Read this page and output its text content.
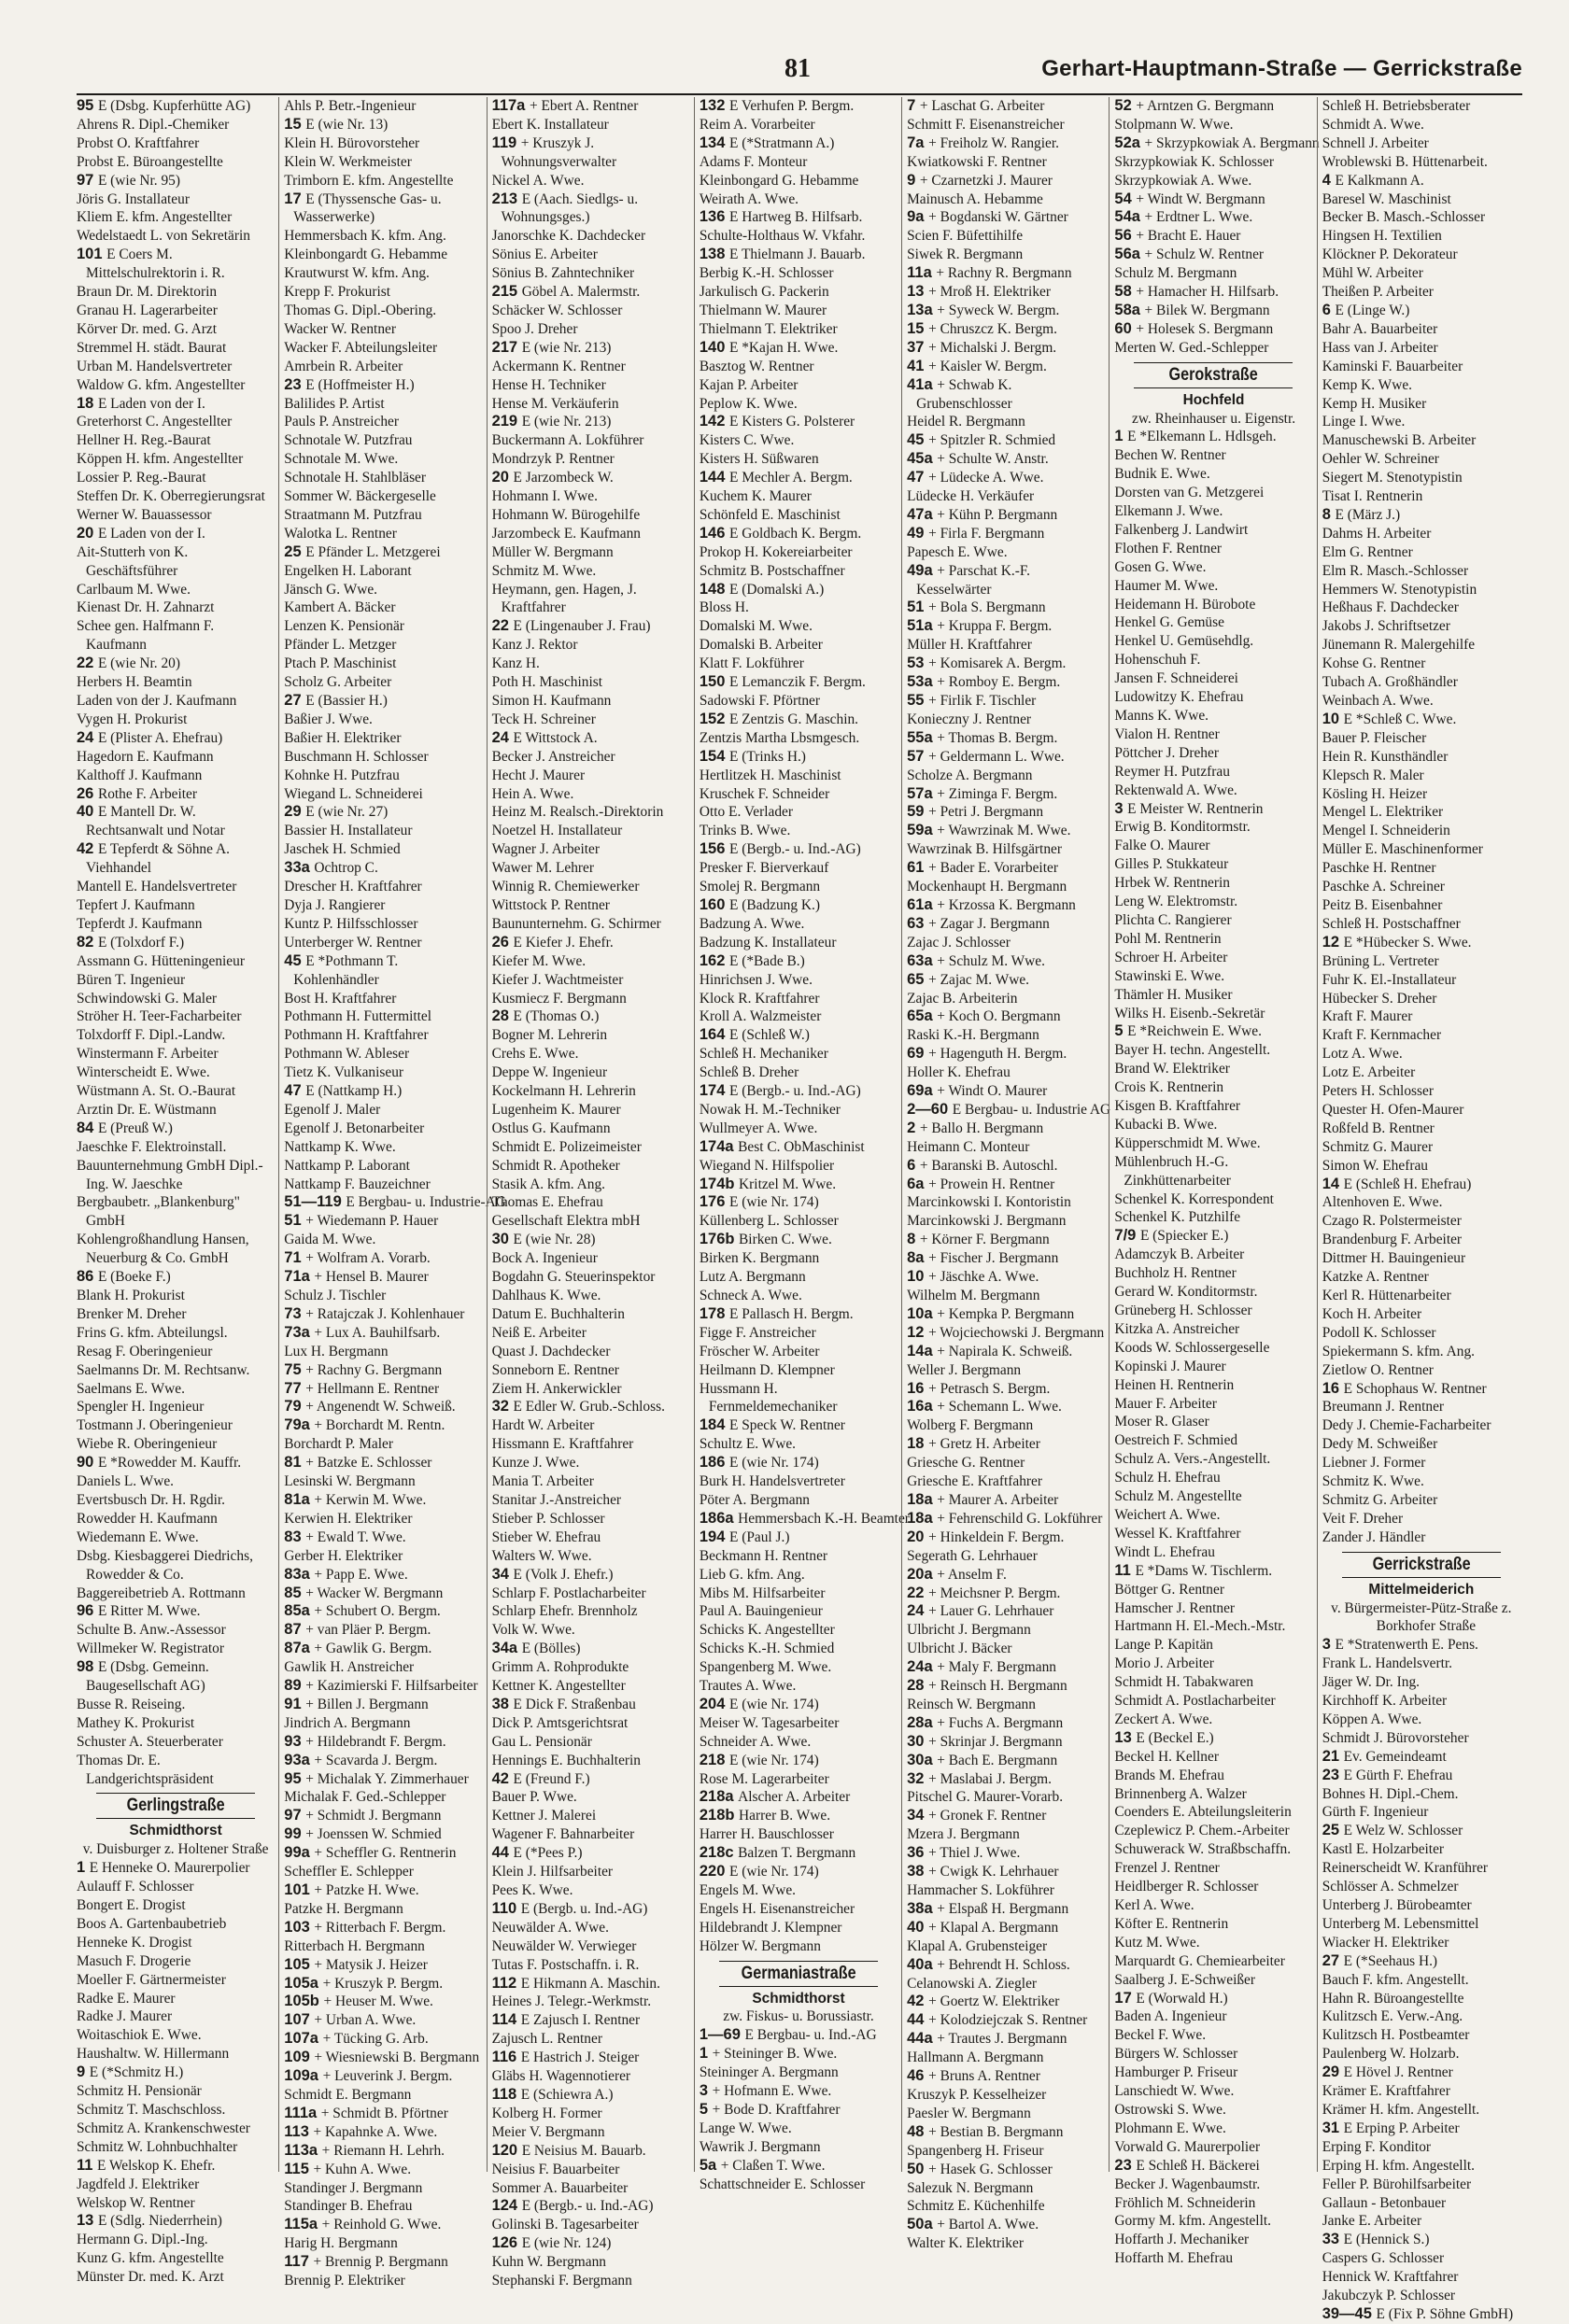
81	Gerhart-Hauptmann-Straße — Gerrickstraße
95 E (Dsbg. Kupferhütte AG)
Ahrens R. Dipl.-Chemiker
Probst O. Kraftfahrer
Probst E. Büroangestellte
97 E (wie Nr. 95)
Jöris G. Installateur
Kliem E. kfm. Angestellter
Wedelstaedt L. von Sekretärin
101 E Coers M. Mittelschulrektorin i. R.
Braun Dr. M. Direktorin
Granau H. Lagerarbeiter
Körver Dr. med. G. Arzt
Stremmel H. städt. Baurat
Urban M. Handelsvertreter
Waldow G. kfm. Angestellter
18 E Laden von der I.
Greterhorst C. Angestellter
Hellner H. Reg.-Baurat
Köppen H. kfm. Angestellter
Lossier P. Reg.-Baurat
Steffen Dr. K. Oberregierungsrat
Werner W. Bauassessor
20 E Laden von der I.
Ait-Stutterh von K. Geschäftsführer
Carlbaum M. Wwe.
Kienast Dr. H. Zahnarzt
Schee gen. Halfmann F. Kaufmann
22 E (wie Nr. 20)
Herbers H. Beamtin
Laden von der J. Kaufmann
Vygen H. Prokurist
24 E (Plister A. Ehefrau)
Hagedorn E. Kaufmann
Kalthoff J. Kaufmann
26 Rothe F. Arbeiter
40 E Mantell Dr. W. Rechtsanwalt und Notar
42 E Tepferdt & Söhne A. Viehhandel
Mantell E. Handelsvertreter
Tepfert J. Kaufmann
Tepferdt J. Kaufmann
82 E (Tolxdorf F.)
Assmann G. Hütteningenieur
Büren T. Ingenieur
Schwindowski G. Maler
Ströher H. Teer-Facharbeiter
Tolxdorff F. Dipl.-Landw.
Winstermann F. Arbeiter
Winterscheidt E. Wwe.
Wüstmann A. St. O.-Baurat
Arztin Dr. E. Wüstmann
84 E (Preuß W.)
Jaeschke F. Elektroinstall.
Bauunternehmung GmbH Dipl.-Ing. W. Jaeschke
Bergbaubetr. „Blankenburg" GmbH
Kohlengroßhandlung Hansen, Neuerburg & Co. GmbH
86 E (Boeke F.)
Blank H. Prokurist
Brenker M. Dreher
Frins G. kfm. Abteilungsl.
Resag F. Oberingenieur
Saelmanns Dr. M. Rechtsanw.
Saelmans E. Wwe.
Spengler H. Ingenieur
Tostmann J. Oberingenieur
Wiebe R. Oberingenieur
90 E *Rowedder M. Kauffr.
Daniels L. Wwe.
Evertsbusch Dr. H. Rgdir.
Rowedder H. Kaufmann
Wiedemann E. Wwe.
Dsbg. Kiesbaggerei Diedrichs, Rowedder & Co.
Baggereibetrieb A. Rottmann
96 E Ritter M. Wwe.
Schulte B. Anw.-Assessor
Willmeker W. Registrator
98 E (Dsbg. Gemeinn. Baugesellschaft AG)
Busse R. Reiseing.
Mathey K. Prokurist
Schuster A. Steuerberater
Thomas Dr. E. Landgerichtspräsident
Gerlingstraße
Schmidthorst
v. Duisburger z. Holtener Straße
1 E Henneke O. Maurerpolier
Aulauff F. Schlosser
Bongert E. Drogist
Boos A. Gartenbaubetrieb
Henneke K. Drogist
Masuch F. Drogerie
Moeller F. Gärtnermeister
Radke E. Maurer
Radke J. Maurer
Woitaschiok E. Wwe.
Haushaltw. W. Hillermann
9 E (*Schmitz H.)
Schmitz H. Pensionär
Schmitz T. Maschschloss.
Schmitz A. Krankenschwester
Schmitz W. Lohnbuchhalter
11 E Welskop K. Ehefr.
Jagdfeld J. Elektriker
Welskop W. Rentner
13 E (Sdlg. Niederrhein)
Hermann G. Dipl.-Ing.
Kunz G. kfm. Angestellte
Münster Dr. med. K. Arzt
Ahls P. Betr.-Ingenieur
15 E (wie Nr. 13)
Klein H. Bürovorsteher
Klein W. Werkmeister
Trimborn E. kfm. Angestellte
17 E (Thyssensche Gas- u. Wasserwerke)
Hemmersbach K. kfm. Ang.
Kleinbongardt G. Hebamme
Krautwurst W. kfm. Ang.
Krepp F. Prokurist
Thomas G. Dipl.-Obering.
Wacker W. Rentner
Wacker F. Abteilungsleiter
Amrbein R. Arbeiter
23 E (Hoffmeister H.)
Balilides P. Artist
Pauls P. Anstreicher
Schnotale W. Putzfrau
Schnotale M. Wwe.
Schnotale H. Stahlbläser
Sommer W. Bäckergeselle
Straatmann M. Putzfrau
Walotka L. Rentner
25 E Pfänder L. Metzgerei
Engelken H. Laborant
Jänsch G. Wwe.
Kambert A. Bäcker
Lenzen K. Pensionär
Pfänder L. Metzger
Ptach P. Maschinist
Scholz G. Arbeiter
27 E (Bassier H.)
Baßier J. Wwe.
Baßier H. Elektriker
Buschmann H. Schlosser
Kohnke H. Putzfrau
Wiegand L. Schneiderei
29 E (wie Nr. 27)
Bassier H. Installateur
Jaschek H. Schmied
33a Ochtrop C.
Drescher H. Kraftfahrer
Dyja J. Rangierer
Kuntz P. Hilfsschlosser
Unterberger W. Rentner
45 E *Pothmann T. Kohlenhändler
Bost H. Kraftfahrer
Pothmann H. Futtermittel
Pothmann H. Kraftfahrer
Pothmann W. Ableser
Tietz K. Vulkaniseur
47 E (Nattkamp H.)
Egenolf J. Maler
Egenolf J. Betonarbeiter
Nattkamp K. Wwe.
Nattkamp P. Laborant
Nattkamp F. Bauzeichner
51—119 E Bergbau- u. Industrie-AG
51 + Wiedemann P. Hauer
Gaida M. Wwe.
71 + Wolfram A. Vorarb.
71a + Hensel B. Maurer
Schulz J. Tischler
73 + Ratajczak J. Kohlenhauer
73a + Lux A. Bauhilfsarb.
Lux H. Bergmann
75 + Rachny G. Bergmann
77 + Hellmann E. Rentner
79 + Angenendt W. Schweiß.
79a + Borchardt M. Rentn.
Borchardt P. Maler
81 + Batzke E. Schlosser
Lesinski W. Bergmann
81a + Kerwin M. Wwe.
Kerwien H. Elektriker
83 + Ewald T. Wwe.
Gerber H. Elektriker
83a + Papp E. Wwe.
85 + Wacker W. Bergmann
85a + Schubert O. Bergm.
87 + van Pläer P. Bergm.
87a + Gawlik G. Bergm.
Gawlik H. Anstreicher
89 + Kazimierski F. Hilfsarbeiter
91 + Billen J. Bergmann
Jindrich A. Bergmann
93 + Hildebrandt F. Bergm.
93a + Scavarda J. Bergm.
95 + Michalak Y. Zimmerhauer
Michalak F. Ged.-Schlepper
97 + Schmidt J. Bergmann
99 + Joenssen W. Schmied
99a + Scheffler G. Rentnerin
Scheffler E. Schlepper
101 + Patzke H. Wwe.
Patzke H. Bergmann
103 + Ritterbach F. Bergm.
Ritterbach H. Bergmann
105 + Matysik J. Heizer
105a + Kruszyk P. Bergm.
105b + Heuser M. Wwe.
107 + Urban A. Wwe.
107a + Tücking G. Arb.
109 + Wiesniewski B. Bergmann
109a + Leuverink J. Bergm.
Schmidt E. Bergmann
111a + Schmidt B. Pförtner
113 + Kapahnke A. Wwe.
113a + Riemann H. Lehrh.
115 + Kuhn A. Wwe.
Standinger J. Bergmann
Standinger B. Ehefrau
115a + Reinhold G. Wwe.
Harig H. Bergmann
117 + Brennig P. Bergmann
Brennig P. Elektriker
117a + Ebert A. Rentner
Ebert K. Installateur
119 + Kruszyk J. Wohnungsverwalter
Nickel A. Wwe.
213 E (Aach. Siedlgs- u. Wohnungsges.)
Janorschke K. Dachdecker
Sönius E. Arbeiter
Sönius B. Zahntechniker
215 Göbel A. Malermstr.
Schäcker W. Schlosser
Spoo J. Dreher
217 E (wie Nr. 213)
Ackermann K. Rentner
Hense H. Techniker
Hense M. Verkäuferin
219 E (wie Nr. 213)
Buckermann A. Lokführer
Mondrzyk P. Rentner
20 E Jarzombeck W.
Hohmann I. Wwe.
Hohmann W. Bürogehilfe
Jarzombeck E. Kaufmann
Müller W. Bergmann
Schmitz M. Wwe.
Heymann, gen. Hagen, J. Kraftfahrer
22 E (Lingenauber J. Frau)
Kanz J. Rektor
Kanz H.
Poth H. Maschinist
Simon H. Kaufmann
Teck H. Schreiner
24 E Wittstock A.
Becker J. Anstreicher
Hecht J. Maurer
Hein A. Wwe.
Heinz M. Realsch.-Direktorin
Noetzel H. Installateur
Wagner J. Arbeiter
Wawer M. Lehrer
Winnig R. Chemiewerker
Wittstock P. Rentner
Baununternehm. G. Schirmer
26 E Kiefer J. Ehefr.
Kiefer M. Wwe.
Kiefer J. Wachtmeister
Kusmiecz F. Bergmann
28 E (Thomas O.)
Bogner M. Lehrerin
Crehs E. Wwe.
Deppe W. Ingenieur
Kockelmann H. Lehrerin
Lugenheim K. Maurer
Ostlus G. Kaufmann
Schmidt E. Polizeimeister
Schmidt R. Apotheker
Stasik A. kfm. Ang.
Thomas E. Ehefrau
Gesellschaft Elektra mbH
30 E (wie Nr. 28)
Bock A. Ingenieur
Bogdahn G. Steuerinspektor
Dahlhaus K. Wwe.
Datum E. Buchhalterin
Neiß E. Arbeiter
Quast J. Dachdecker
Sonneborn E. Rentner
Ziem H. Ankerwickler
32 E Edler W. Grub.-Schloss.
Hardt W. Arbeiter
Hissmann E. Kraftfahrer
Kunze J. Wwe.
Mania T. Arbeiter
Stanitar J.-Anstreicher
Stieber P. Schlosser
Stieber W. Ehefrau
Walters W. Wwe.
34 E (Volk J. Ehefr.)
Schlarp F. Postlacharbeiter
Schlarp Ehefr. Brennholz
Volk W. Wwe.
34a E (Bölles)
Grimm A. Rohprodukte
Kettner K. Angestellter
38 E Dick F. Straßenbau
Dick P. Amtsgerichtsrat
Gau L. Pensionär
Hennings E. Buchhalterin
42 E (Freund F.)
Bauer P. Wwe.
Kettner J. Malerei
Wagener F. Bahnarbeiter
44 E (*Pees P.)
Klein J. Hilfsarbeiter
Pees K. Wwe.
110 E (Bergb. u. Ind.-AG)
Neuwälder A. Wwe.
Neuwälder W. Verwieger
Tutas F. Postschaffn. i. R.
112 E Hikmann A. Maschin.
Heines J. Telegr.-Werkmstr.
114 E Zajusch I. Rentner
Zajusch L. Rentner
116 E Hastrich J. Steiger
Gläbs H. Wagennotierer
118 E (Schiewra A.)
Kolberg H. Former
Meier V. Bergmann
120 E Neisius M. Bauarb.
Neisius F. Bauarbeiter
Sommer A. Bauarbeiter
124 E (Bergb.- u. Ind.-AG)
Golinski B. Tagesarbeiter
126 E (wie Nr. 124)
Kuhn W. Bergmann
Stephanski F. Bergmann
132 E Verhufen P. Bergm.
Reim A. Vorarbeiter
134 E (*Stratmann A.)
Adams F. Monteur
Kleinbongard G. Hebamme
Weirath A. Wwe.
136 E Hartweg B. Hilfsarb.
Schulte-Holthaus W. Vkfahr.
138 E Thielmann J. Bauarb.
Berbig K.-H. Schlosser
Jarkulisch G. Packerin
Thielmann W. Maurer
Thielmann T. Elektriker
140 E *Kajan H. Wwe.
Basztog W. Rentner
Kajan P. Arbeiter
Peplow K. Wwe.
142 E Kisters G. Polsterer
Kisters C. Wwe.
Kisters H. Süßwaren
144 E Mechler A. Bergm.
Kuchem K. Maurer
Schönfeld E. Maschinist
146 E Goldbach K. Bergm.
Prokop H. Kokereiarbeiter
Schmitz B. Postschaffner
148 E (Domalski A.)
Bloss H.
Domalski M. Wwe.
Domalski B. Arbeiter
Klatt F. Lokführer
150 E Lemanczik F. Bergm.
Sadowski F. Pförtner
152 E Zentzis G. Maschin.
Zentzis Martha Lbsmgesch.
154 E (Trinks H.)
Hertlitzek H. Maschinist
Kruschek F. Schneider
Otto E. Verlader
Trinks B. Wwe.
156 E (Bergb.- u. Ind.-AG)
Presker F. Bierverkauf
Smolej R. Bergmann
160 E (Badzung K.)
Badzung A. Wwe.
Badzung K. Installateur
162 E (*Bade B.)
Hinrichsen J. Wwe.
Klock R. Kraftfahrer
Kroll A. Walzmeister
164 E (Schleß W.)
Schleß H. Mechaniker
Schleß B. Dreher
174 E (Bergb.- u. Ind.-AG)
Nowak H. M.-Techniker
Wullmeyer A. Wwe.
174a Best C. ObMaschinist
Wiegand N. Hilfspolier
174b Kritzel M. Wwe.
176 E (wie Nr. 174)
Küllenberg L. Schlosser
176b Birken C. Wwe.
Birken K. Bergmann
Lutz A. Bergmann
Schneck A. Wwe.
178 E Pallasch H. Bergm.
Figge F. Anstreicher
Fröscher W. Arbeiter
Heilmann D. Klempner
Hussmann H. Fernmeldemechaniker
184 E Speck W. Rentner
Schultz E. Wwe.
186 E (wie Nr. 174)
Burk H. Handelsvertreter
Pöter A. Bergmann
186a Hemmersbach K.-H. Beamter
194 E (Paul J.)
Beckmann H. Rentner
Lieb G. kfm. Ang.
Mibs M. Hilfsarbeiter
Paul A. Bauingenieur
Schicks K. Angestellter
Schicks K.-H. Schmied
Spangenberg M. Wwe.
Trautes A. Wwe.
204 E (wie Nr. 174)
Meiser W. Tagesarbeiter
Schneider A. Wwe.
218 E (wie Nr. 174)
Rose M. Lagerarbeiter
218a Alscher A. Arbeiter
218b Harrer B. Wwe.
Harrer H. Bauschlosser
218c Balzen T. Bergmann
220 E (wie Nr. 174)
Engels M. Wwe.
Engels H. Eisenanstreicher
Hildebrandt J. Klempner
Hölzer W. Bergmann
Germaniastraße
Schmidthorst
zw. Fiskus- u. Borussiastr.
1—69 E Bergbau- u. Ind.-AG
1 + Steininger B. Wwe.
Steininger A. Bergmann
3 + Hofmann E. Wwe.
5 + Bode D. Kraftfahrer
Lange W. Wwe.
Wawrik J. Bergmann
5a + Claßen T. Wwe.
Schattschneider E. Schlosser
7 + Laschat G. Arbeiter
Schmitt F. Eisenanstreicher
7a + Freiholz W. Rangier.
Kwiatkowski F. Rentner
9 + Czarnetzki J. Maurer
Mainusch A. Hebamme
9a + Bogdanski W. Gärtner
Scien F. Büfettihilfe
Siwek R. Bergmann
11a + Rachny R. Bergmann
13 + Mroß H. Elektriker
13a + Syweck W. Bergm.
15 + Chruszcz K. Bergm.
37 + Michalski J. Bergm.
41 + Kaisler W. Bergm.
41a + Schwab K. Grubenschlosser
Heidel R. Bergmann
45 + Spitzler R. Schmied
45a + Schulte W. Anstr.
47 + Lüdecke A. Wwe.
Lüdecke H. Verkäufer
47a + Kühn P. Bergmann
49 + Firla F. Bergmann
Papesch E. Wwe.
49a + Parschat K.-F. Kesselwärter
51 + Bola S. Bergmann
51a + Kruppa F. Bergm.
Müller H. Kraftfahrer
53 + Komisarek A. Bergm.
53a + Romboy E. Bergm.
55 + Firlik F. Tischler
Konieczny J. Rentner
55a + Thomas B. Bergm.
57 + Geldermann L. Wwe.
Scholze A. Bergmann
57a + Ziminga F. Bergm.
59 + Petri J. Bergmann
59a + Wawrzinak M. Wwe.
Wawrzinak B. Hilfsgärtner
61 + Bader E. Vorarbeiter
Mockenhaupt H. Bergmann
61a + Krzossa K. Bergmann
63 + Zagar J. Bergmann
Zajac J. Schlosser
63a + Schulz M. Wwe.
65 + Zajac M. Wwe.
Zajac B. Arbeiterin
65a + Koch O. Bergmann
Raski K.-H. Bergmann
69 + Hagenguth H. Bergm.
Holler K. Ehefrau
69a + Windt O. Maurer
2—60 E Bergbau- u. Industrie AG
2 + Ballo H. Bergmann
Heimann C. Monteur
6 + Baranski B. Autoschl.
6a + Prowein H. Rentner
Marcinkowski I. Kontoristin
Marcinkowski J. Bergmann
8 + Körner F. Bergmann
8a + Fischer J. Bergmann
10 + Jäschke A. Wwe.
Wilhelm M. Bergmann
10a + Kempka P. Bergmann
12 + Wojciechowski J. Bergmann
14a + Napirala K. Schweiß.
Weller J. Bergmann
16 + Petrasch S. Bergm.
16a + Schemann L. Wwe.
Wolberg F. Bergmann
18 + Gretz H. Arbeiter
Griesche G. Rentner
Griesche E. Kraftfahrer
18a + Maurer A. Arbeiter
18a + Fehrenschild G. Lokführer
20 + Hinkeldein F. Bergm.
Segerath G. Lehrhauer
20a + Anselm F.
22 + Meichsner P. Bergm.
24 + Lauer G. Lehrhauer
Ulbricht J. Bergmann
Ulbricht J. Bäcker
24a + Maly F. Bergmann
28 + Reinsch H. Bergmann
Reinsch W. Bergmann
28a + Fuchs A. Bergmann
30 + Skrinjar J. Bergmann
30a + Bach E. Bergmann
32 + Maslabai J. Bergm.
Pitschel G. Maurer-Vorarb.
34 + Gronek F. Rentner
Mzera J. Bergmann
36 + Thiel J. Wwe.
38 + Cwigk K. Lehrhauer
Hammacher S. Lokführer
38a + Elspaß H. Bergmann
40 + Klapal A. Bergmann
Klapal A. Grubensteiger
40a + Behrendt H. Schloss.
Celanowski A. Ziegler
42 + Goertz W. Elektriker
44 + Kolodziejczak S. Rentner
44a + Trautes J. Bergmann
Hallmann A. Bergmann
46 + Bruns A. Rentner
Kruszyk P. Kesselheizer
Paesler W. Bergmann
48 + Bestian B. Bergmann
Spangenberg H. Friseur
50 + Hasek G. Schlosser
Salezuk N. Bergmann
Schmitz E. Küchenhilfe
50a + Bartol A. Wwe.
Walter K. Elektriker
52 + Arntzen G. Bergmann
Stolpmann W. Wwe.
52a + Skrzypkowiak A. Bergmann
Skrzypkowiak K. Schlosser
Skrzypkowiak A. Wwe.
54 + Windt W. Bergmann
54a + Erdtner L. Wwe.
56 + Bracht E. Hauer
56a + Schulz W. Rentner
Schulz M. Bergmann
58 + Hamacher H. Hilfsarb.
58a + Bilek W. Bergmann
60 + Holesek S. Bergmann
Merten W. Ged.-Schlepper
Gerokstraße
Hochfeld
zw. Rheinhauser u. Eigenstr.
1 E *Elkemann L. Hdlsgeh.
Bechen W. Rentner
Budnik E. Wwe.
Dorsten van G. Metzgerei
Elkemann J. Wwe.
Falkenberg J. Landwirt
Flothen F. Rentner
Gosen G. Wwe.
Haumer M. Wwe.
Heidemann H. Bürobote
Henkel G. Gemüse
Henkel U. Gemüsehdlg.
Hohenschuh F.
Jansen F. Schneiderei
Ludowitzy K. Ehefrau
Manns K. Wwe.
Vialon H. Rentner
Pöttcher J. Dreher
Reymer H. Putzfrau
Rektenwald A. Wwe.
3 E Meister W. Rentnerin
Erwig B. Konditormstr.
Falke O. Maurer
Gilles P. Stukkateur
Hrbek W. Rentnerin
Leng W. Elektromstr.
Plichta C. Rangierer
Pohl M. Rentnerin
Schroer H. Arbeiter
Stawinski E. Wwe.
Thämler H. Musiker
Wilks H. Eisenb.-Sekretär
5 E *Reichwein E. Wwe.
Bayer H. techn. Angestellt.
Brand W. Elektriker
Crois K. Rentnerin
Kisgen B. Kraftfahrer
Kubacki B. Wwe.
Küpperschmidt M. Wwe.
Mühlenbruch H.-G. Zinkhüttenarbeiter
Schenkel K. Korrespondent
Schenkel K. Putzhilfe
7/9 E (Spiecker E.)
Adamczyk B. Arbeiter
Buchholz H. Rentner
Gerard W. Konditormstr.
Grüneberg H. Schlosser
Kitzka A. Anstreicher
Koods W. Schlossergeselle
Kopinski J. Maurer
Heinen H. Rentnerin
Mauer F. Arbeiter
Moser R. Glaser
Oestreich F. Schmied
Schulz A. Vers.-Angestellt.
Schulz H. Ehefrau
Schulz M. Angestellte
Weichert A. Wwe.
Wessel K. Kraftfahrer
Windt L. Ehefrau
11 E *Dams W. Tischlerm.
Böttger G. Rentner
Hamscher J. Rentner
Hartmann H. El.-Mech.-Mstr.
Lange P. Kapitän
Morio J. Arbeiter
Schmidt H. Tabakwaren
Schmidt A. Postlacharbeiter
Zeckert A. Wwe.
13 E (Beckel E.)
Beckel H. Kellner
Brands M. Ehefrau
Brinnenberg A. Walzer
Coenders E. Abteilungsleiterin
Czeplewicz P. Chem.-Arbeiter
Schuwerack W. Straßbschaffn.
Frenzel J. Rentner
Heidlberger R. Schlosser
Kerl A. Wwe.
Köfter E. Rentnerin
Kutz M. Wwe.
Marquardt G. Chemiearbeiter
Saalberg J. E-Schweißer
17 E (Worwald H.)
Baden A. Ingenieur
Beckel F. Wwe.
Bürgers W. Schlosser
Hamburger P. Friseur
Lanschiedt W. Wwe.
Ostrowski S. Wwe.
Plohmann E. Wwe.
Vorwald G. Maurerpolier
23 E Schleß H. Bäckerei
Becker J. Wagenbaumstr.
Fröhlich M. Schneiderin
Gormy M. kfm. Angestellt.
Hoffarth J. Mechaniker
Hoffarth M. Ehefrau
Schleß H. Betriebsberater
Schmidt A. Wwe.
Schnell J. Arbeiter
Wroblewski B. Hüttenarbeit.
4 E Kalkmann A.
Baresel W. Maschinist
Becker B. Masch.-Schlosser
Hingsen H. Textilien
Klöckner P. Dekorateur
Mühl W. Arbeiter
Theißen P. Arbeiter
6 E (Linge W.)
Bahr A. Bauarbeiter
Hass van J. Arbeiter
Kaminski F. Bauarbeiter
Kemp K. Wwe.
Kemp H. Musiker
Linge I. Wwe.
Manuschewski B. Arbeiter
Oehler W. Schreiner
Siegert M. Stenotypistin
Tisat I. Rentnerin
8 E (März J.)
Dahms H. Arbeiter
Elm G. Rentner
Elm R. Masch.-Schlosser
Hemmers W. Stenotypistin
Heßhaus F. Dachdecker
Jakobs J. Schriftsetzer
Jünemann R. Malergehilfe
Kohse G. Rentner
Tubach A. Großhändler
Weinbach A. Wwe.
10 E *Schleß C. Wwe.
Bauer P. Fleischer
Hein R. Kunsthändler
Klepsch R. Maler
Kösling H. Heizer
Mengel L. Elektriker
Mengel I. Schneiderin
Müller E. Maschinenformer
Paschke H. Rentner
Paschke A. Schreiner
Peitz B. Eisenbahner
Schleß H. Postschaffner
12 E *Hübecker S. Wwe.
Brüning L. Vertreter
Fuhr K. El.-Installateur
Hübecker S. Dreher
Kraft F. Maurer
Kraft F. Kernmacher
Lotz A. Wwe.
Lotz E. Arbeiter
Peters H. Schlosser
Quester H. Ofen-Maurer
Roßfeld B. Rentner
Schmitz G. Maurer
Simon W. Ehefrau
14 E (Schleß H. Ehefrau)
Altenhoven E. Wwe.
Czago R. Polstermeister
Brandenburg F. Arbeiter
Dittmer H. Bauingenieur
Katzke A. Rentner
Kerl R. Hüttenarbeiter
Koch H. Arbeiter
Podoll K. Schlosser
Spiekermann S. kfm. Ang.
Zietlow O. Rentner
16 E Schophaus W. Rentner
Breumann J. Rentner
Dedy J. Chemie-Facharbeiter
Dedy M. Schweißer
Liebner J. Former
Schmitz K. Wwe.
Schmitz G. Arbeiter
Veit F. Dreher
Zander J. Händler
Gerrickstraße
Mittelmeiderich
v. Bürgermeister-Pütz-Straße z. Borkhofer Straße
3 E *Stratenwerth E. Pens.
Frank L. Handelsvertr.
Jäger W. Dr. Ing.
Kirchhoff K. Arbeiter
Köppen A. Wwe.
Schmidt J. Bürovorsteher
21 Ev. Gemeindeamt
23 E Gürth F. Ehefrau
Bohnes H. Dipl.-Chem.
Gürth F. Ingenieur
25 E Welz W. Schlosser
Kastl E. Holzarbeiter
Reinerscheidt W. Kranführer
Schlösser A. Schmelzer
Unterberg J. Bürobeamter
Unterberg M. Lebensmittel
Wiacker H. Elektriker
27 E (*Seehaus H.)
Bauch F. kfm. Angestellt.
Hahn R. Büroangestellte
Kulitzsch E. Verw.-Ang.
Kulitzsch H. Postbeamter
Paulenberg W. Holzarb.
29 E Hövel J. Rentner
Krämer E. Kraftfahrer
Krämer H. kfm. Angestellt.
31 E Erping P. Arbeiter
Erping F. Konditor
Erping H. kfm. Angestellt.
Feller P. Bürohilfsarbeiter
Gallaun - Betonbauer
Janke E. Arbeiter
33 E (Hennick S.)
Caspers G. Schlosser
Hennick W. Kraftfahrer
Jakubczyk P. Schlosser
39—45 E (Fix P. Söhne GmbH)
